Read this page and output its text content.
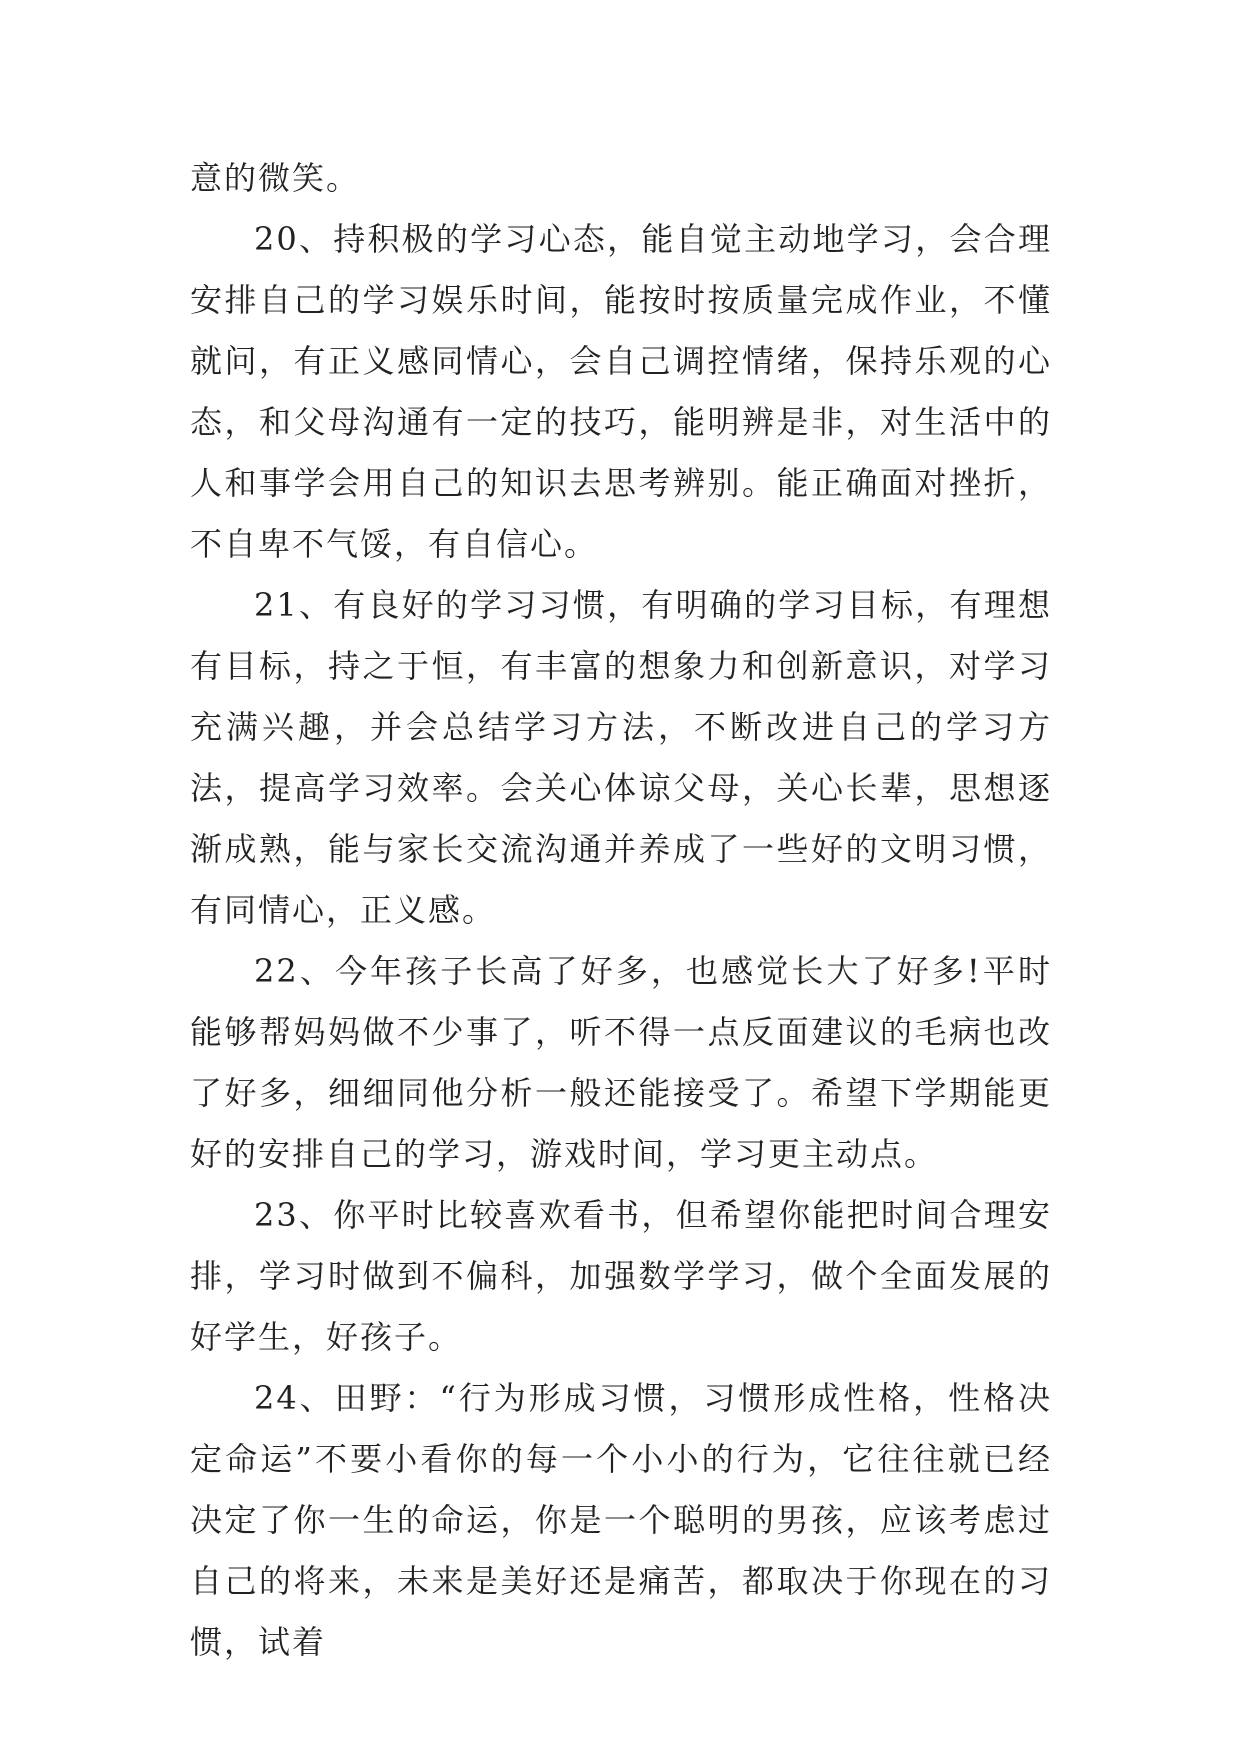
意的微笑。

20、持积极的学习心态，能自觉主动地学习，会合理安排自己的学习娱乐时间，能按时按质量完成作业，不懂就问，有正义感同情心，会自己调控情绪，保持乐观的心态，和父母沟通有一定的技巧，能明辨是非，对生活中的人和事学会用自己的知识去思考辨别。能正确面对挫折，不自卑不气馁，有自信心。

21、有良好的学习习惯，有明确的学习目标，有理想有目标，持之于恒，有丰富的想象力和创新意识，对学习充满兴趣，并会总结学习方法，不断改进自己的学习方法，提高学习效率。会关心体谅父母，关心长辈，思想逐渐成熟，能与家长交流沟通并养成了一些好的文明习惯，有同情心，正义感。

22、今年孩子长高了好多，也感觉长大了好多!平时能够帮妈妈做不少事了，听不得一点反面建议的毛病也改了好多，细细同他分析一般还能接受了。希望下学期能更好的安排自己的学习，游戏时间，学习更主动点。

23、你平时比较喜欢看书，但希望你能把时间合理安排，学习时做到不偏科，加强数学学习，做个全面发展的好学生，好孩子。

24、田野：“行为形成习惯，习惯形成性格，性格决定命运”不要小看你的每一个小小的行为，它往往就已经决定了你一生的命运，你是一个聪明的男孩，应该考虑过自己的将来，未来是美好还是痛苦，都取决于你现在的习惯，试着
